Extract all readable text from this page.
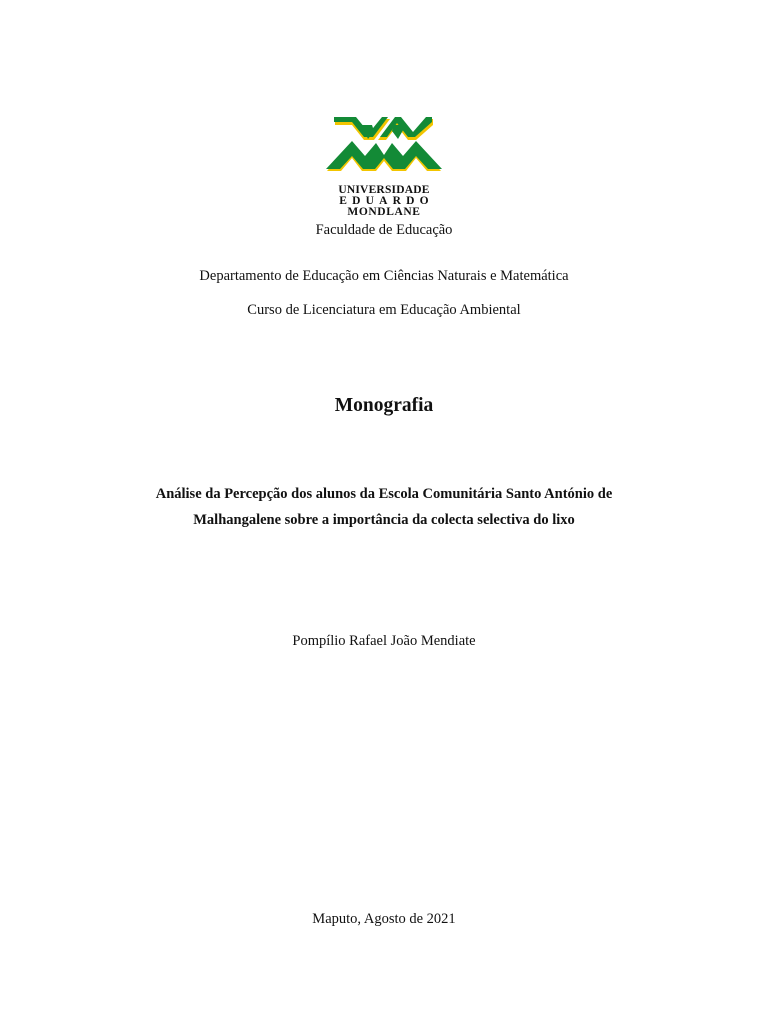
UNIVERSIDADE
EDUARDO
MONDLANE
Faculdade de Educação
Departamento de Educação em Ciências Naturais e Matemática
Curso de Licenciatura em Educação Ambiental
Monografia
Análise da Percepção dos alunos da Escola Comunitária Santo António de
Malhangalene sobre a importância da colecta selectiva do lixo
Pompílio Rafael João Mendiate
Maputo, Agosto de 2021
